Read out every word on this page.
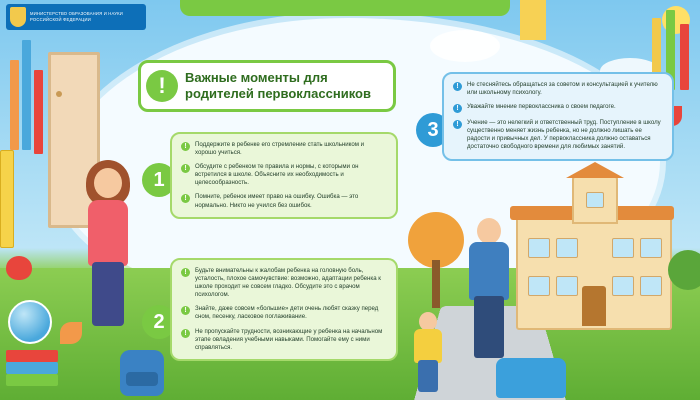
МИНИСТЕРСТВО ОБРАЗОВАНИЯ И НАУКИ
РОССИЙСКОЙ ФЕДЕРАЦИИ
Важные моменты для родителей первоклассников
!
1
!	Поддержите в ребенке его стремление стать школьником и хорошо учиться.
!	Обсудите с ребенком те правила и нормы, с которыми он встретился в школе. Объясните их необходимость и целесообразность.
!	Помните, ребенок имеет право на ошибку. Ошибка — это нормально. Никто не учился без ошибок.
2
!	Будьте внимательны к жалобам ребенка на головную боль, усталость, плохое самочувствие: возможно, адаптации ребенка к школе проходит не совсем гладко. Обсудите это с врачом психологом.
!	Знайте, даже совсем «большие» дети очень любят сказку перед сном, песенку, ласковое поглаживание.
!	Не пропускайте трудности, возникающие у ребенка на начальном этапе овладения учебными навыками. Помогайте ему с ними справляться.
3
!	Не стесняйтесь обращаться за советом и консультацией к учителю или школьному психологу.
!	Уважайте мнение первоклассника о своем педагоге.
!	Учение — это нелегкий и ответственный труд. Поступление в школу существенно меняет жизнь ребенка, но не должно лишать ее радости и привычных дел. У первоклассника должно оставаться достаточно свободного времени для любимых занятий.
